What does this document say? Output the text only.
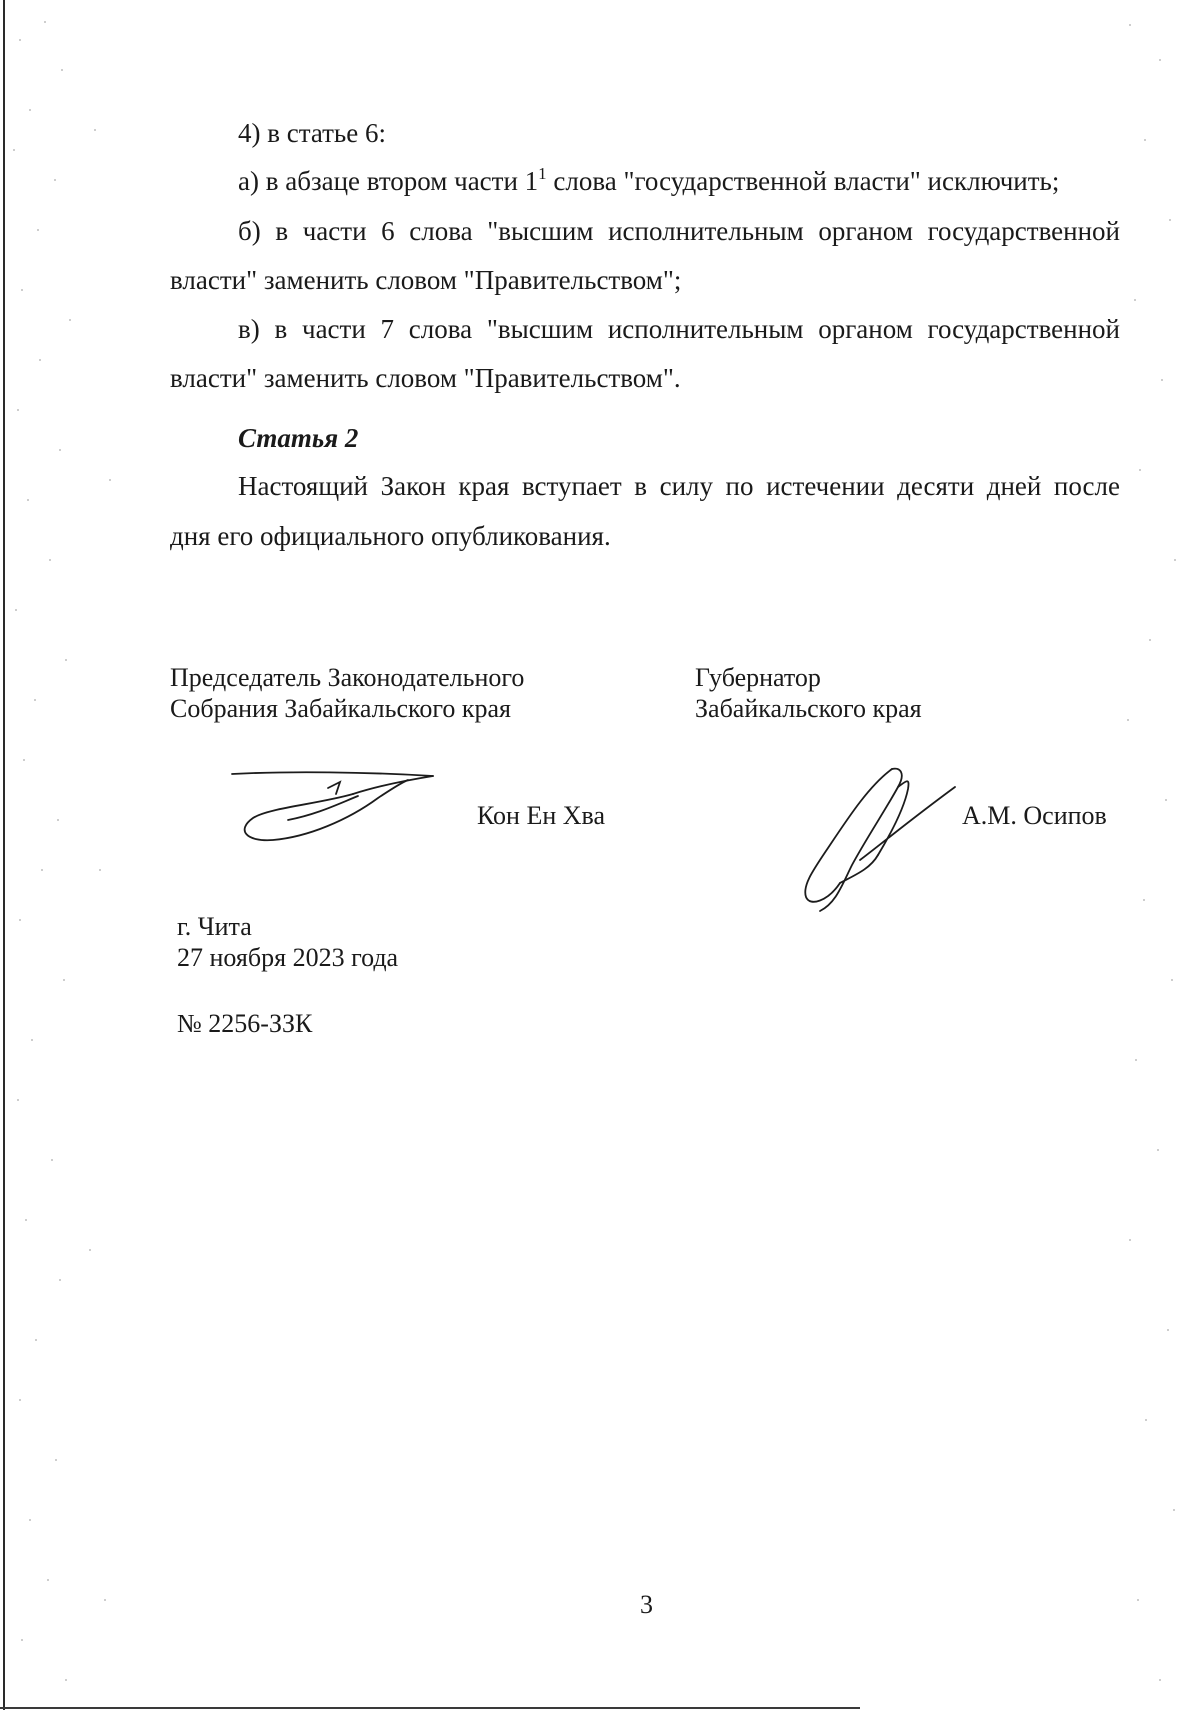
4) в статье 6:
а) в абзаце втором части $1^1$ слова "государственной власти" исключить;
б) в части 6 слова "высшим исполнительным органом государственной
власти" заменить словом "Правительством";
в) в части 7 слова "высшим исполнительным органом государственной
власти" заменить словом "Правительством".
Статья 2
Настоящий Закон края вступает в силу по истечении десяти дней после
дня его официального опубликования.
Председатель Законодательного
Собрания Забайкальского края
Губернатор
Забайкальского края
Кон Ен Хва	А.М. Осипов
г. Чита
27 ноября 2023 года
№ 2256-ЗЗК
3
